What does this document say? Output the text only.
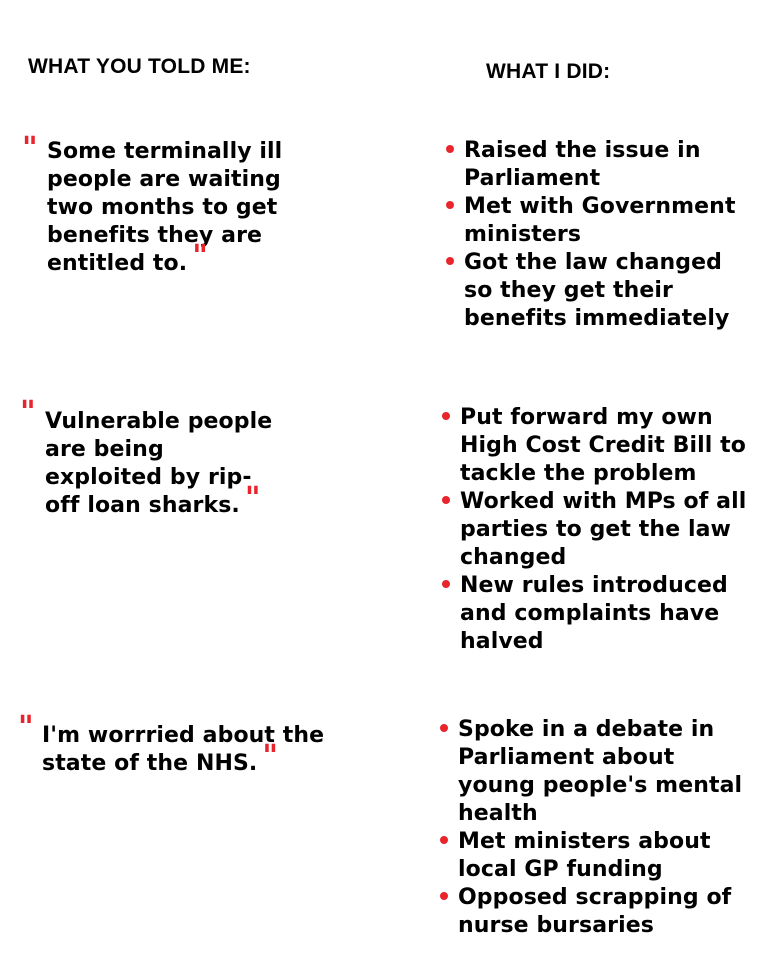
WHAT YOU TOLD ME:	WHAT I DID:
" Some terminally ill people are waiting two months to get benefits they are entitled to. "
Raised the issue in Parliament
Met with Government ministers
Got the law changed so they get their benefits immediately
" Vulnerable people are being exploited by rip-off loan sharks. "
Put forward my own High Cost Credit Bill to tackle the problem
Worked with MPs of all parties to get the law changed
New rules introduced and complaints have halved
" I'm worrried about the state of the NHS. "
Spoke in a debate in Parliament about young people's mental health
Met ministers about local GP funding
Opposed scrapping of nurse bursaries
